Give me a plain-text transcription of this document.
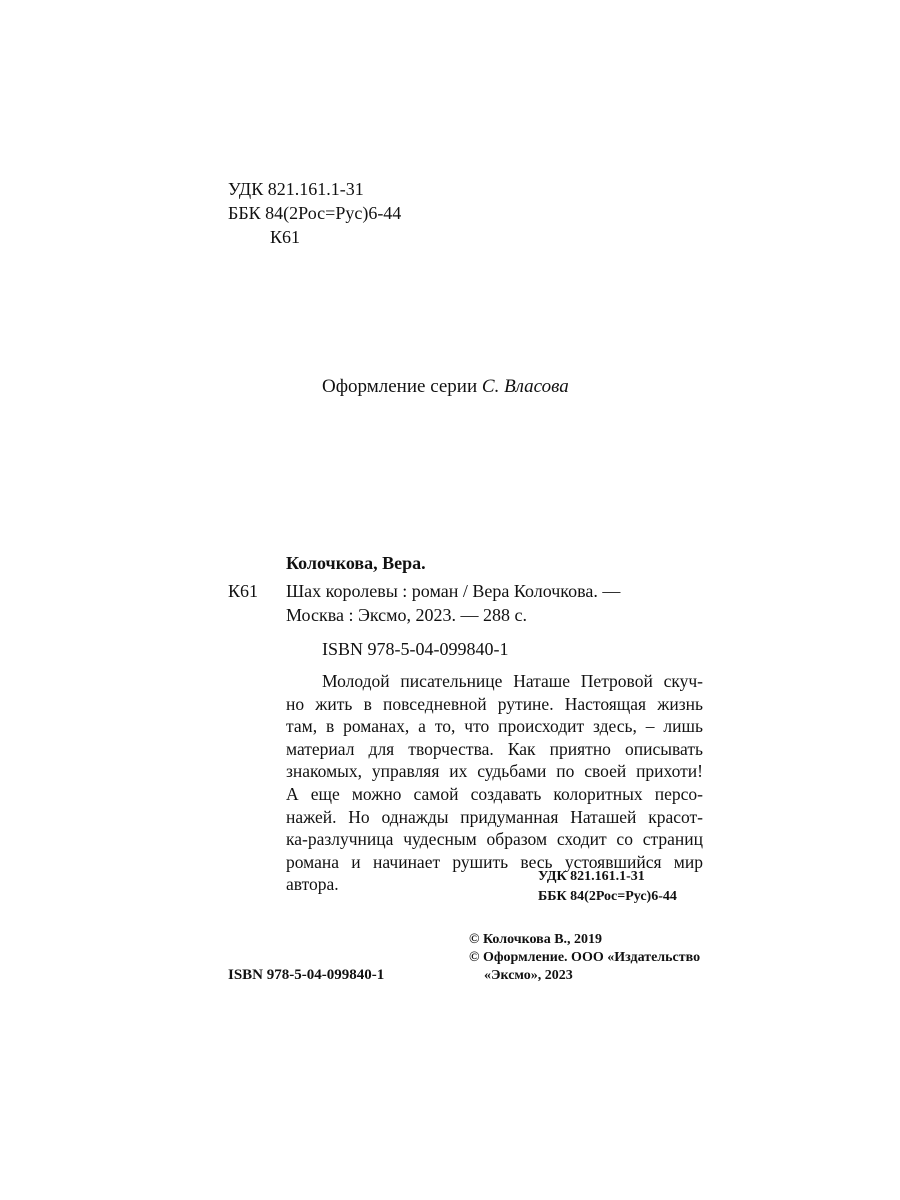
УДК 821.161.1-31
ББК 84(2Рос=Рус)6-44
К61
Оформление серии С. Власова
Колочкова, Вера.
К61 Шах королевы : роман / Вера Колочкова. —
Москва : Эксмо, 2023. — 288 с.
ISBN 978-5-04-099840-1
Молодой писательнице Наташе Петровой скуч-
но жить в повседневной рутине. Настоящая жизнь
там, в романах, а то, что происходит здесь, – лишь
материал для творчества. Как приятно описывать
знакомых, управляя их судьбами по своей прихоти!
А еще можно самой создавать колоритных персо-
нажей. Но однажды придуманная Наташей красот-
ка-разлучница чудесным образом сходит со страниц
романа и начинает рушить весь устоявшийся мир
автора.	УДК 821.161.1-31
ББК 84(2Рос=Рус)6-44
© Колочкова В., 2019
© Оформление. ООО «Издательство
«Эксмо», 2023
ISBN 978-5-04-099840-1
